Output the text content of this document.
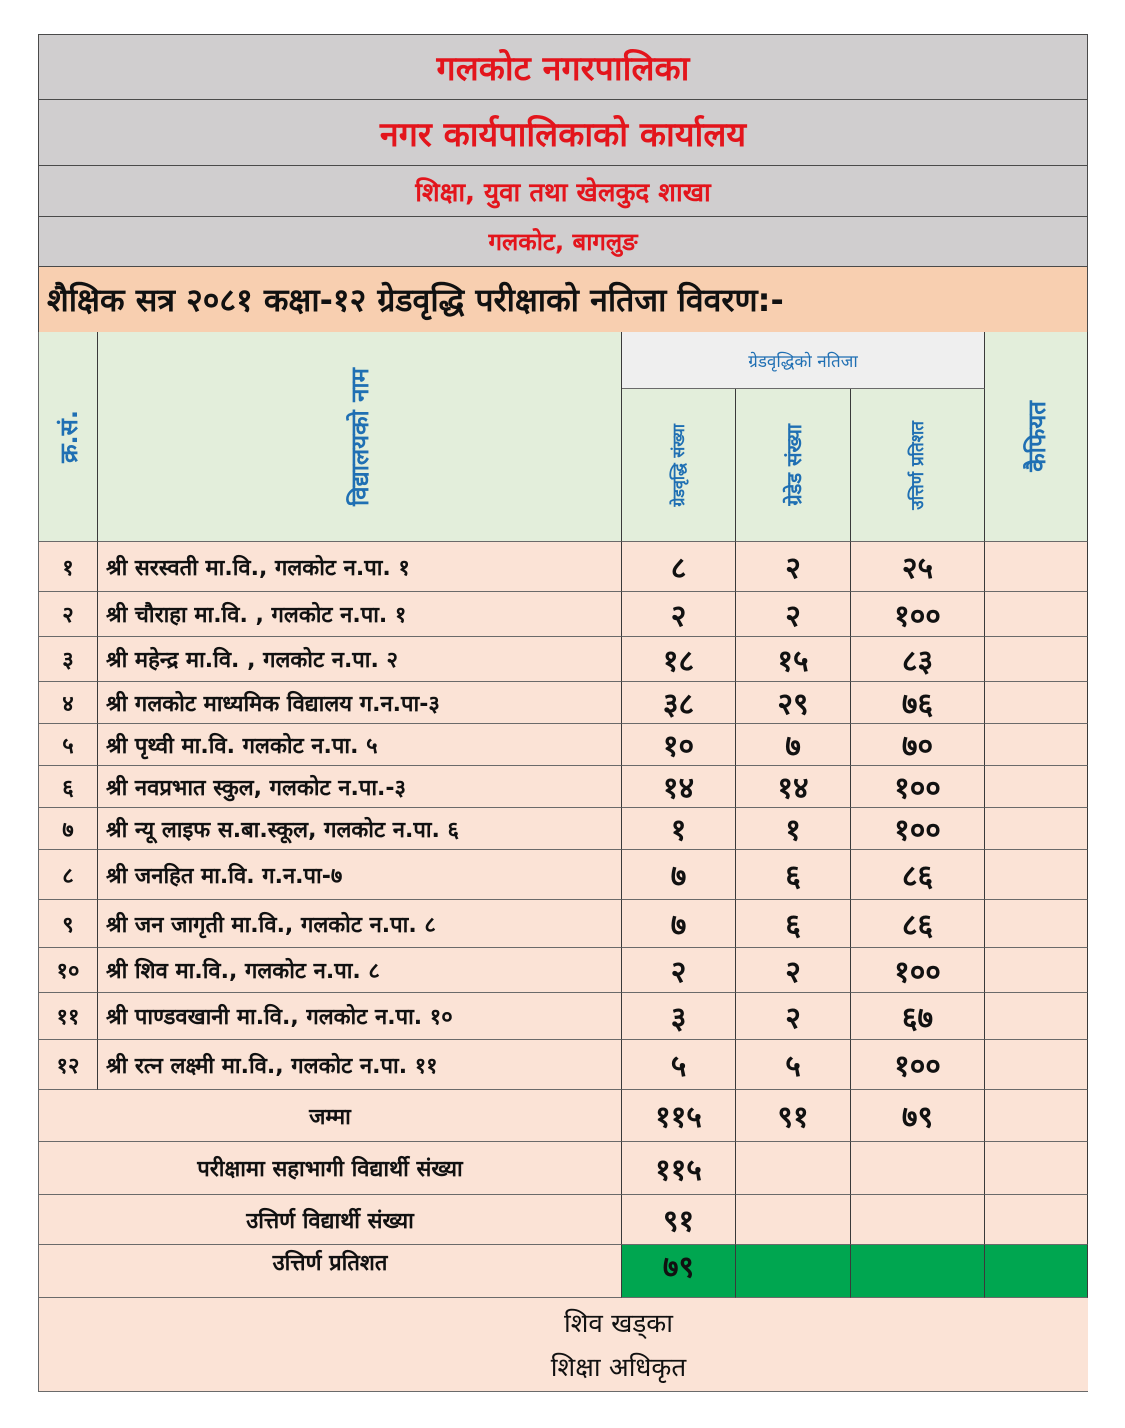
गलकोट नगरपालिका
नगर कार्यपालिकाको कार्यालय
शिक्षा, युवा तथा खेलकुद शाखा
गलकोट, बागलुङ
शैक्षिक सत्र २०८१ कक्षा-१२ ग्रेडवृद्धि परीक्षाको नतिजा विवरण:-
क्र.सं.	विद्यालयको नाम
ग्रेडवृद्धिको नतिजा
ग्रेडवृद्धि संख्या	ग्रेडेड संख्या	उत्तिर्ण प्रतिशत	कैफियत
१ श्री सरस्वती मा.वि., गलकोट न.पा. १	८	२	२५
२ श्री चौराहा मा.वि. , गलकोट न.पा. १	२	२	१००
३ श्री महेन्द्र मा.वि. , गलकोट न.पा. २	१८	१५	८३
४ श्री गलकोट माध्यमिक विद्यालय ग.न.पा-३	३८	२९	७६
५ श्री पृथ्वी मा.वि. गलकोट न.पा. ५	१०	७	७०
६ श्री नवप्रभात स्कुल, गलकोट न.पा.-३	१४	१४	१००
७ श्री न्यू लाइफ स.बा.स्कूल, गलकोट न.पा. ६	१	१	१००
८ श्री जनहित मा.वि. ग.न.पा-७	७	६	८६
९ श्री जन जागृती मा.वि., गलकोट न.पा. ८	७	६	८६
१० श्री शिव मा.वि., गलकोट न.पा. ८	२	२	१००
११ श्री पाण्डवखानी मा.वि., गलकोट न.पा. १०	३	२	६७
१२ श्री रत्न लक्ष्मी मा.वि., गलकोट न.पा. ११	५	५	१००
जम्मा	११५	९१	७९
परीक्षामा सहाभागी विद्यार्थी संख्या	११५
उत्तिर्ण विद्यार्थी संख्या	९१
उत्तिर्ण प्रतिशत	७९
शिव खड्का
शिक्षा अधिकृत
